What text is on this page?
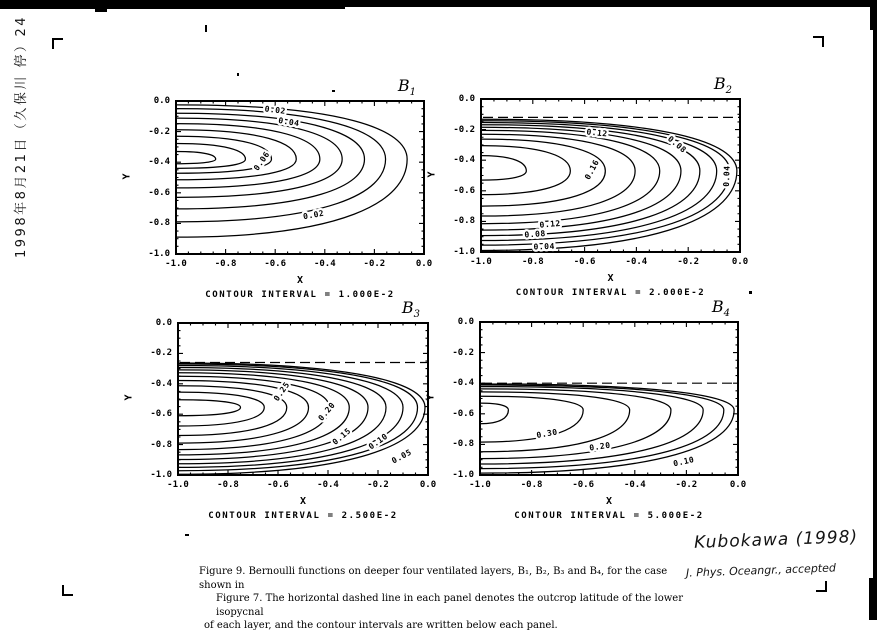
1998年8月21日（久保川 停）24	0.02
0.04
0.06
0.02
$B_1$
0.0
-0.2
-0.4
-0.6
-0.8
-1.0
-1.0	-0.8	-0.6	-0.4	-0.2	0.0
X
Y
CONTOUR INTERVAL = 1.000E-2
0.12
0.08
0.16	0.04
0.12
0.08
0.04
$B_2$
0.0
-0.2
-0.4
-0.6
-0.8
-1.0
-1.0	-0.8	-0.6	-0.4	-0.2	0.0
X
Y
CONTOUR INTERVAL = 2.000E-2
0.25
0.20
0.15 0.10
0.05
$B_3$
0.0
-0.2
-0.4
-0.6
-0.8
-1.0
-1.0	-0.8	-0.6	-0.4	-0.2	0.0
X
Y
CONTOUR INTERVAL = 2.500E-2
0.30
0.20
0.10
$B_4$
0.0
-0.2
-0.4
-0.6
-0.8
-1.0
-1.0	-0.8	-0.6	-0.4	-0.2	0.0
X
Y
CONTOUR INTERVAL = 5.000E-2
Figure 9. Bernoulli functions on deeper four ventilated layers, B₁, B₂, B₃ and B₄, for the case shown in
Figure 7. The horizontal dashed line in each panel denotes the outcrop latitude of the lower isopycnal
of each layer, and the contour intervals are written below each panel.
Kubokawa (1998)
J. Phys. Oceangr., accepted
